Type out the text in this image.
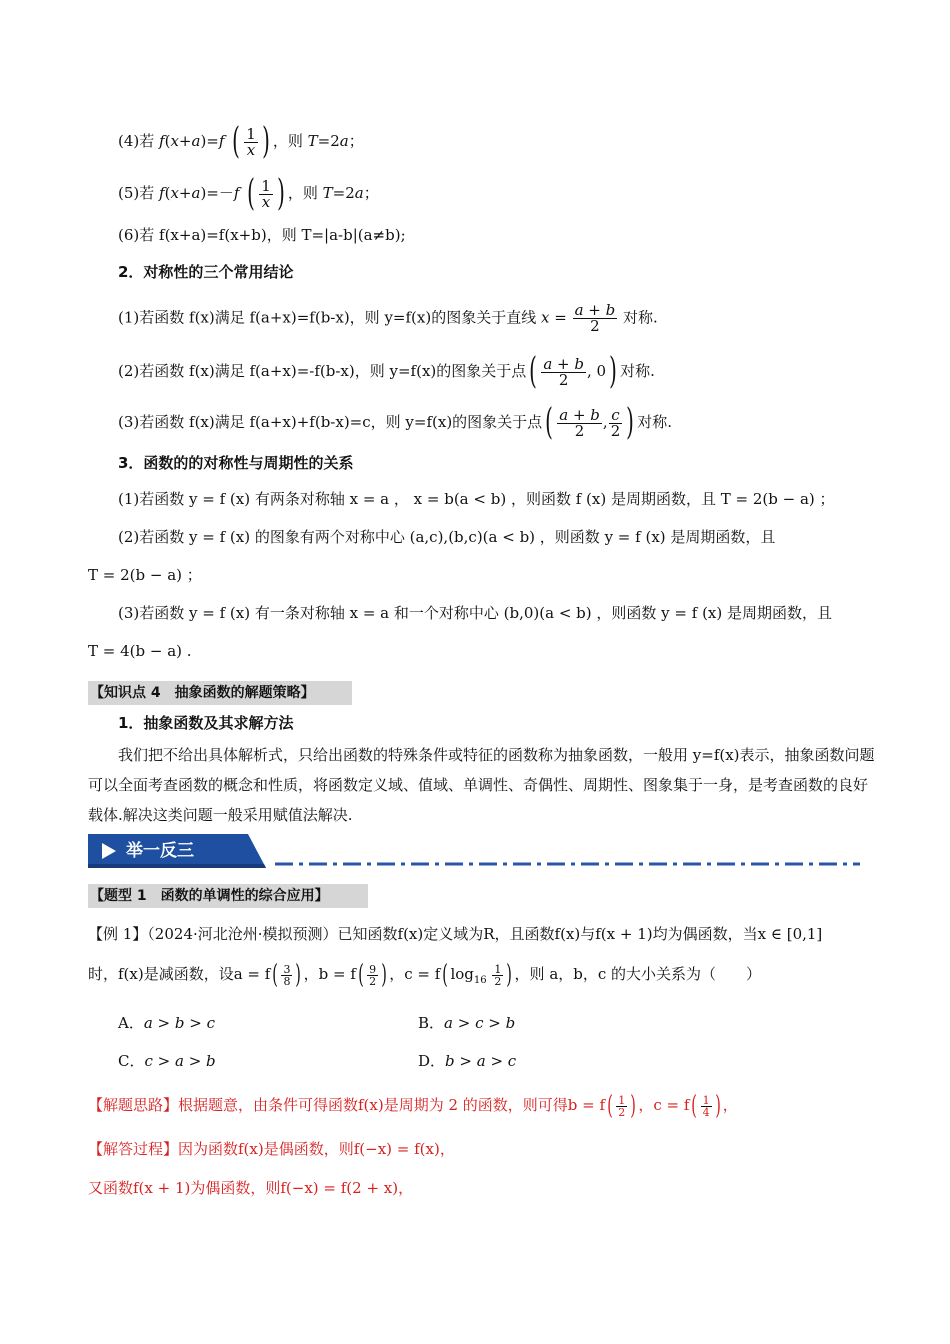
(4)若 f(x+a)=f ( $\frac{1}{x}$ ) ，则 T=2a；
(5)若 f(x+a)=－f ( $\frac{1}{x}$ ) ，则 T=2a；
(6)若 f(x+a)=f(x+b)，则 T=|a-b|(a≠b);
2．对称性的三个常用结论
(1)若函数 f(x)满足 f(a+x)=f(b-x)，则 y=f(x)的图象关于直线 $x = \frac{a + b}{2}$ 对称.
(2)若函数 f(x)满足 f(a+x)=-f(b-x)，则 y=f(x)的图象关于点( $\frac{a + b}{2}$ , 0) 对称.
(3)若函数 f(x)满足 f(a+x)+f(b-x)=c，则 y=f(x)的图象关于点( $\frac{a + b}{2}$ , $\frac{c}{2}$ ) 对称.
3．函数的的对称性与周期性的关系
(1)若函数 y = f (x) 有两条对称轴 x = a ， x = b(a < b) ，则函数 f (x) 是周期函数，且 T = 2(b − a) ；
(2)若函数 y = f (x) 的图象有两个对称中心 (a,c),(b,c)(a < b) ，则函数 y = f (x) 是周期函数，且
T = 2(b − a) ；
(3)若函数 y = f (x) 有一条对称轴 x = a 和一个对称中心 (b,0)(a < b) ，则函数 y = f (x) 是周期函数，且
T = 4(b − a) .
【知识点 4　抽象函数的解题策略】
1．抽象函数及其求解方法
我们把不给出具体解析式，只给出函数的特殊条件或特征的函数称为抽象函数，一般用 y=f(x)表示，抽象函数问题可以全面考查函数的概念和性质，将函数定义域、值域、单调性、奇偶性、周期性、图象集于一身，是考查函数的良好载体.解决这类问题一般采用赋值法解决.
举一反三
【题型 1　函数的单调性的综合应用】
【例 1】（2024·河北沧州·模拟预测）已知函数f(x)定义域为R，且函数f(x)与f(x + 1)均为偶函数，当x ∈ [0,1]
时，f(x)是减函数，设$a = f( \frac{3}{8}$ ) ，$b = f( \frac{9}{2}$ ) ，c = f( $\log_{16} \frac{1}{2}$ ) ，则 a，b，c 的大小关系为（　　）
A．a > b > c	B．a > c > b
C．c > a > b	D．b > a > c
【解题思路】根据题意，由条件可得函数f(x)是周期为 2 的函数，则可得$b = f( \frac{1}{2}$ ) ，$c = f( \frac{1}{4}$ ) ，
【解答过程】因为函数f(x)是偶函数，则f(−x) = f(x)，
又函数f(x + 1)为偶函数，则f(−x) = f(2 + x)，
